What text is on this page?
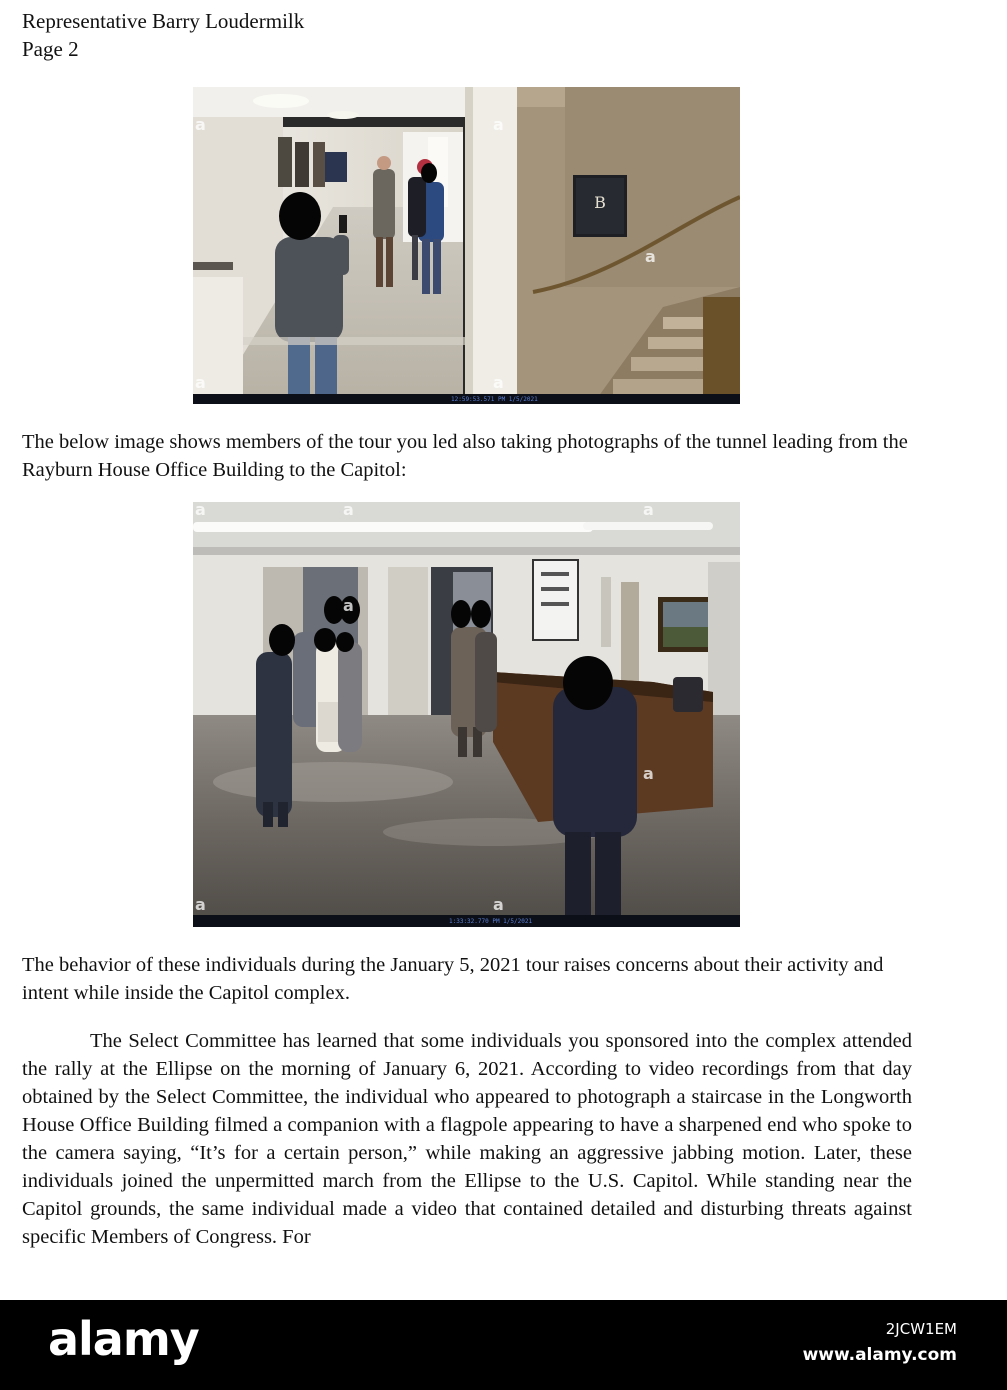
Representative Barry Loudermilk
Page 2
B
a	a
a
a	a
12:59:53.571 PM 1/5/2021
The below image shows members of the tour you led also taking photographs of the tunnel leading from the Rayburn House Office Building to the Capitol:
a	a	a
a
a
a	a
1:33:32.770 PM 1/5/2021
The behavior of these individuals during the January 5, 2021 tour raises concerns about their activity and intent while inside the Capitol complex.
The Select Committee has learned that some individuals you sponsored into the complex attended the rally at the Ellipse on the morning of January 6, 2021. According to video recordings from that day obtained by the Select Committee, the individual who appeared to photograph a staircase in the Longworth House Office Building filmed a companion with a flagpole appearing to have a sharpened end who spoke to the camera saying, “It’s for a certain person,” while making an aggressive jabbing motion. Later, these individuals joined the unpermitted march from the Ellipse to the U.S. Capitol. While standing near the Capitol grounds, the same individual made a video that contained detailed and disturbing threats against specific Members of Congress. For
alamy	2JCW1EM
www.alamy.com
